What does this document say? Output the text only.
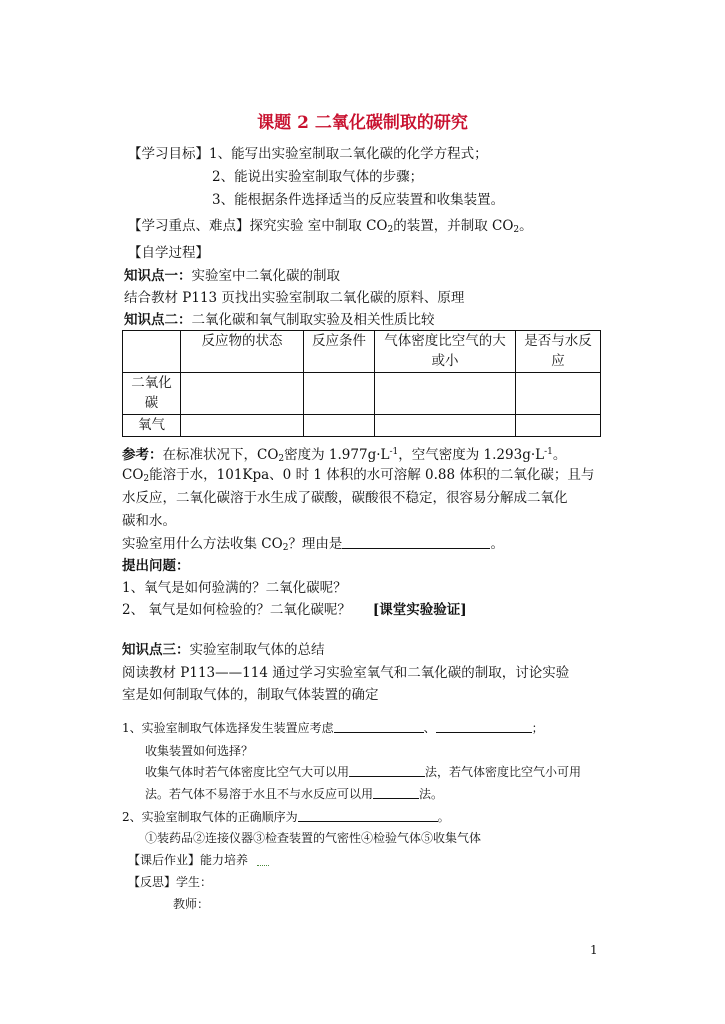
课题 2 二氧化碳制取的研究
【学习目标】1、能写出实验室制取二氧化碳的化学方程式；
2、能说出实验室制取气体的步骤；
3、能根据条件选择适当的反应装置和收集装置。
【学习重点、难点】探究实验 室中制取 $CO_2$的装置，并制取 $CO_2$。
【自学过程】
知识点一：实验室中二氧化碳的制取
结合教材 P113 页找出实验室制取二氧化碳的原料、原理
知识点二：二氧化碳和氧气制取实验及相关性质比较
	反应物的状态	反应条件	气体密度比空气的大或小	是否与水反应
二氧化碳				
氧气				
参考：在标准状况下，$CO_2$密度为 $1.977g\cdot L^{-1}$，空气密度为 $1.293g\cdot L^{-1}$。
$CO_2$能溶于水，101Kpa、0 时 1 体积的水可溶解 0.88 体积的二氧化碳；且与
水反应，二氧化碳溶于水生成了碳酸，碳酸很不稳定，很容易分解成二氧化
碳和水。
实验室用什么方法收集 $CO_2$？理由是	。
提出问题：
1、氧气是如何验满的？二氧化碳呢？
2、 氧气是如何检验的？二氧化碳呢？ [课堂实验验证]
知识点三：实验室制取气体的总结
阅读教材 P113——114 通过学习实验室氧气和二氧化碳的制取，讨论实验
室是如何制取气体的，制取气体装置的确定
1、实验室制取气体选择发生装置应考虑	、	；
收集装置如何选择？
收集气体时若气体密度比空气大可以用	法，若气体密度比空气小可用
法。若气体不易溶于水且不与水反应可以用	法。
2、实验室制取气体的正确顺序为	。
①装药品②连接仪器③检查装置的气密性④检验气体⑤收集气体
【课后作业】能力培养
【反思】学生：
教师：
1
